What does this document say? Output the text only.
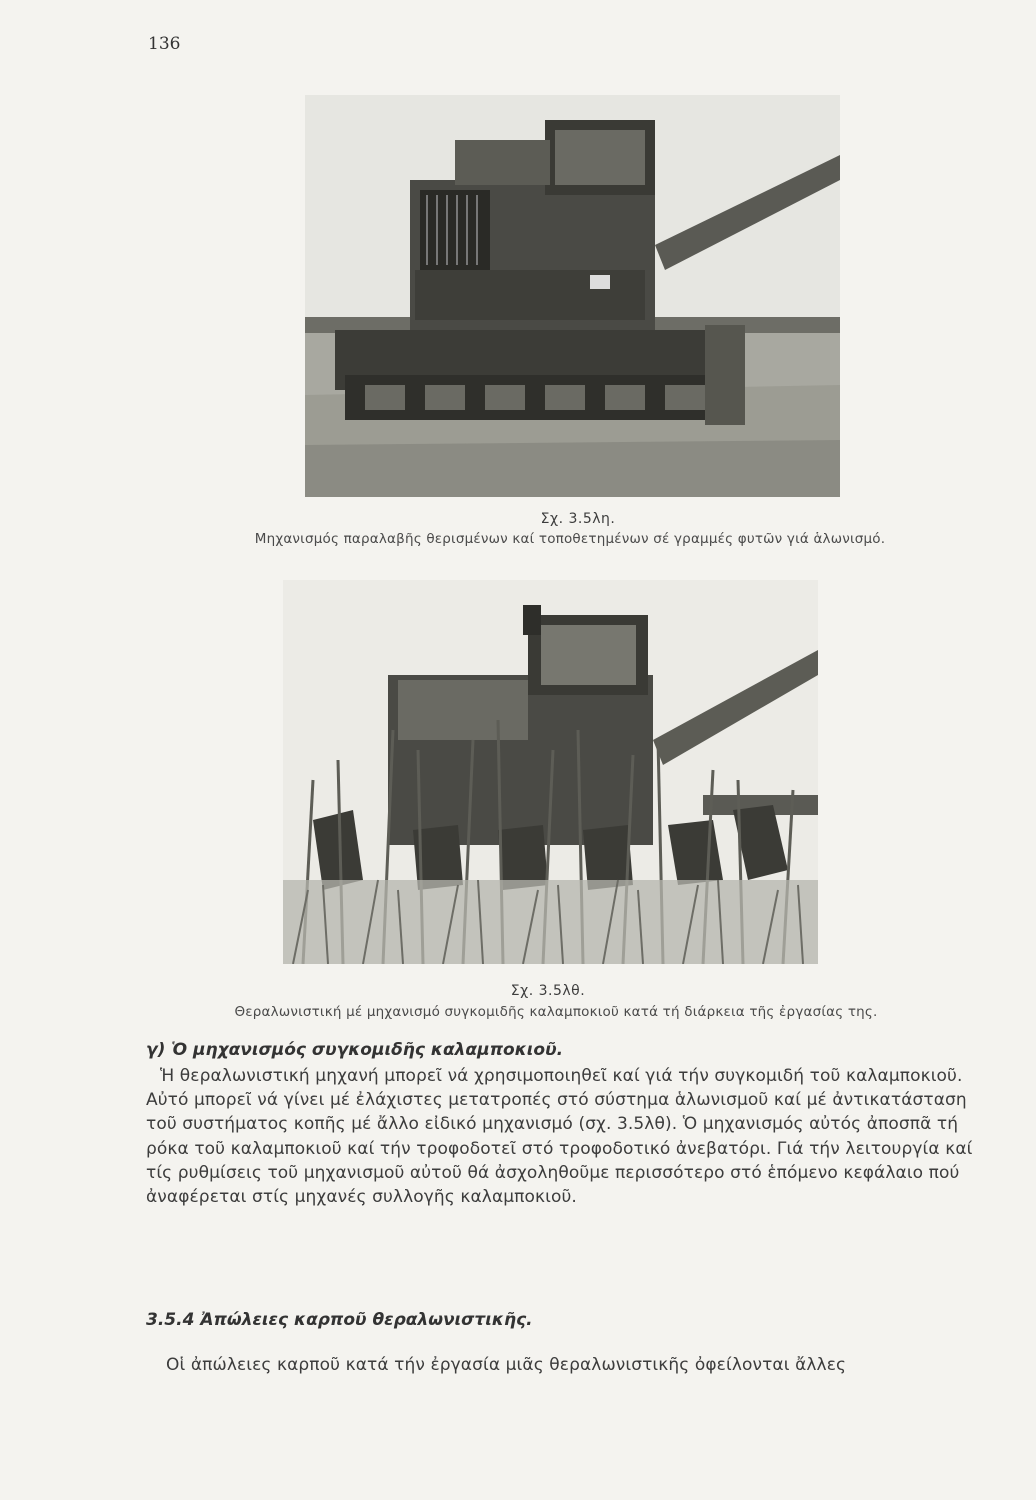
136
Σχ. 3.5λη.
Μηχανισμός παραλαβῆς θερισμένων καί τοποθετημένων σέ γραμμές φυτῶν γιά ἁλωνισμό.
Σχ. 3.5λθ.
Θεραλωνιστική μέ μηχανισμό συγκομιδῆς καλαμποκιοῦ κατά τή διάρκεια τῆς ἐργασίας της.
γ) Ὁ μηχανισμός συγκομιδῆς καλαμποκιοῦ.

Ἡ θεραλωνιστική μηχανή μπορεῖ νά χρησιμοποιηθεῖ καί γιά τήν συγκομιδή τοῦ καλαμποκιοῦ. Αὐτό μπορεῖ νά γίνει μέ ἐλάχιστες μετατροπές στό σύστημα ἁλωνισμοῦ καί μέ ἀντικατάσταση τοῦ συστήματος κοπῆς μέ ἄλλο εἰδικό μηχανισμό (σχ. 3.5λθ). Ὁ μηχανισμός αὐτός ἀποσπᾶ τή ρόκα τοῦ καλαμποκιοῦ καί τήν τροφοδοτεῖ στό τροφοδοτικό ἀνεβατόρι. Γιά τήν λειτουργία καί τίς ρυθμίσεις τοῦ μηχανισμοῦ αὐτοῦ θά ἀσχοληθοῦμε περισσότερο στό ἑπόμενο κεφάλαιο πού ἀναφέρεται στίς μηχανές συλλογῆς καλαμποκιοῦ.

3.5.4 Ἀπώλειες καρποῦ θεραλωνιστικῆς.

Οἱ ἀπώλειες καρποῦ κατά τήν ἐργασία μιᾶς θεραλωνιστικῆς ὀφείλονται ἄλλες
